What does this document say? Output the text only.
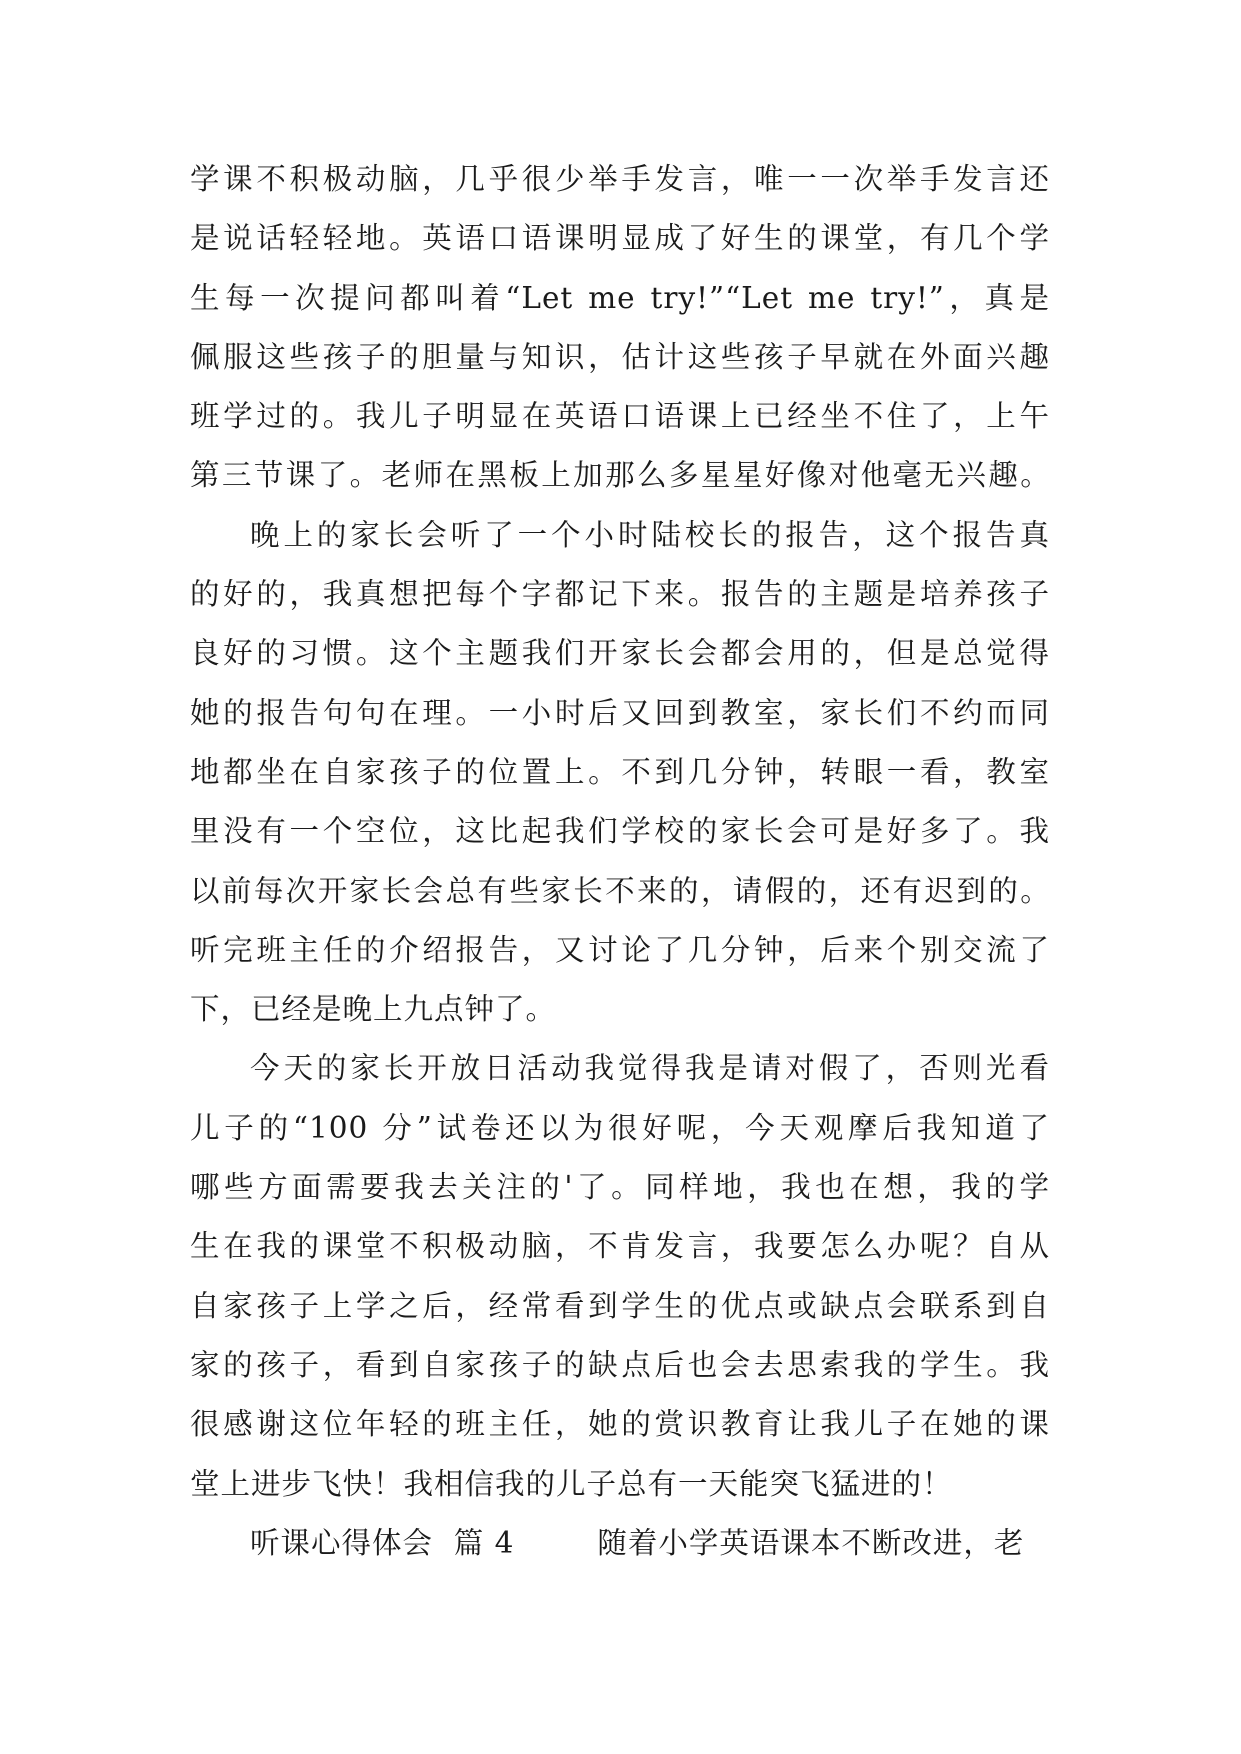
学课不积极动脑，几乎很少举手发言，唯一一次举手发言还
是说话轻轻地。英语口语课明显成了好生的课堂，有几个学
生每一次提问都叫着“Let me try!”“Let me try!”，真是
佩服这些孩子的胆量与知识，估计这些孩子早就在外面兴趣
班学过的。我儿子明显在英语口语课上已经坐不住了，上午
第三节课了。老师在黑板上加那么多星星好像对他毫无兴趣。
晚上的家长会听了一个小时陆校长的报告，这个报告真
的好的，我真想把每个字都记下来。报告的主题是培养孩子
良好的习惯。这个主题我们开家长会都会用的，但是总觉得
她的报告句句在理。一小时后又回到教室，家长们不约而同
地都坐在自家孩子的位置上。不到几分钟，转眼一看，教室
里没有一个空位，这比起我们学校的家长会可是好多了。我
以前每次开家长会总有些家长不来的，请假的，还有迟到的。
听完班主任的介绍报告，又讨论了几分钟，后来个别交流了
下，已经是晚上九点钟了。
今天的家长开放日活动我觉得我是请对假了，否则光看
儿子的“100 分”试卷还以为很好呢，今天观摩后我知道了
哪些方面需要我去关注的'了。同样地，我也在想，我的学
生在我的课堂不积极动脑，不肯发言，我要怎么办呢？自从
自家孩子上学之后，经常看到学生的优点或缺点会联系到自
家的孩子，看到自家孩子的缺点后也会去思索我的学生。我
很感谢这位年轻的班主任，她的赏识教育让我儿子在她的课
堂上进步飞快！我相信我的儿子总有一天能突飞猛进的！
听课心得体会  篇 4        随着小学英语课本不断改进，老
